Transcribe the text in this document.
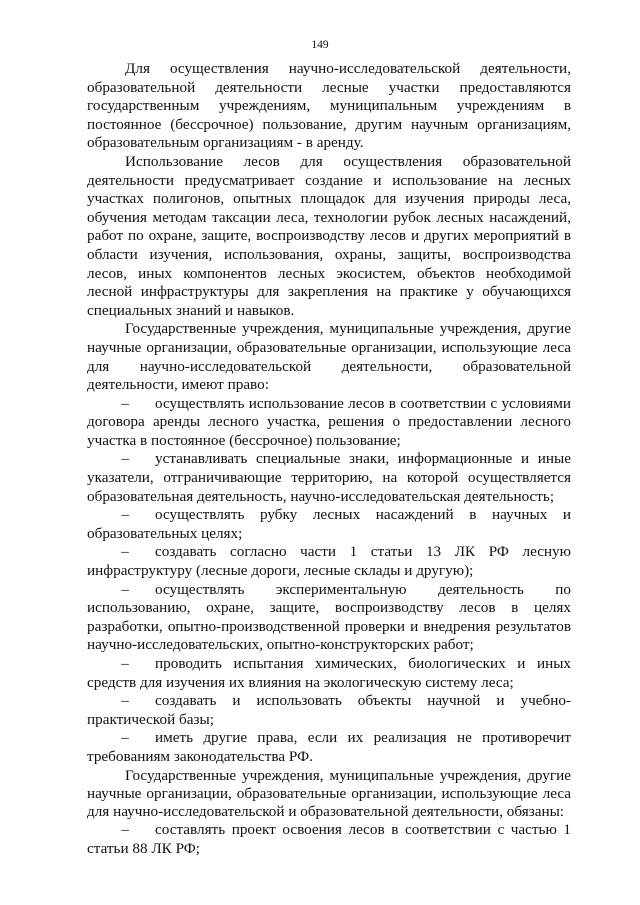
149

Для осуществления научно-исследовательской деятельности, образовательной деятельности лесные участки предоставляются государственным учреждениям, муниципальным учреждениям в постоянное (бессрочное) пользование, другим научным организациям, образовательным организациям - в аренду.

Использование лесов для осуществления образовательной деятельности предусматривает создание и использование на лесных участках полигонов, опытных площадок для изучения природы леса, обучения методам таксации леса, технологии рубок лесных насаждений, работ по охране, защите, воспроизводству лесов и других мероприятий в области изучения, использования, охраны, защиты, воспроизводства лесов, иных компонентов лесных экосистем, объектов необходимой лесной инфраструктуры для закрепления на практике у обучающихся специальных знаний и навыков.

Государственные учреждения, муниципальные учреждения, другие научные организации, образовательные организации, использующие леса для научно-исследовательской деятельности, образовательной деятельности, имеют право:

– осуществлять использование лесов в соответствии с условиями договора аренды лесного участка, решения о предоставлении лесного участка в постоянное (бессрочное) пользование;

– устанавливать специальные знаки, информационные и иные указатели, отграничивающие территорию, на которой осуществляется образовательная деятельность, научно-исследовательская деятельность;

– осуществлять рубку лесных насаждений в научных и образовательных целях;

– создавать согласно части 1 статьи 13 ЛК РФ лесную инфраструктуру (лесные дороги, лесные склады и другую);

– осуществлять экспериментальную деятельность по использованию, охране, защите, воспроизводству лесов в целях разработки, опытно-производственной проверки и внедрения результатов научно-исследовательских, опытно-конструкторских работ;

– проводить испытания химических, биологических и иных средств для изучения их влияния на экологическую систему леса;

– создавать и использовать объекты научной и учебно-практической базы;

– иметь другие права, если их реализация не противоречит требованиям законодательства РФ.

Государственные учреждения, муниципальные учреждения, другие научные организации, образовательные организации, использующие леса для научно-исследовательской и образовательной деятельности, обязаны:

– составлять проект освоения лесов в соответствии с частью 1 статьи 88 ЛК РФ;
